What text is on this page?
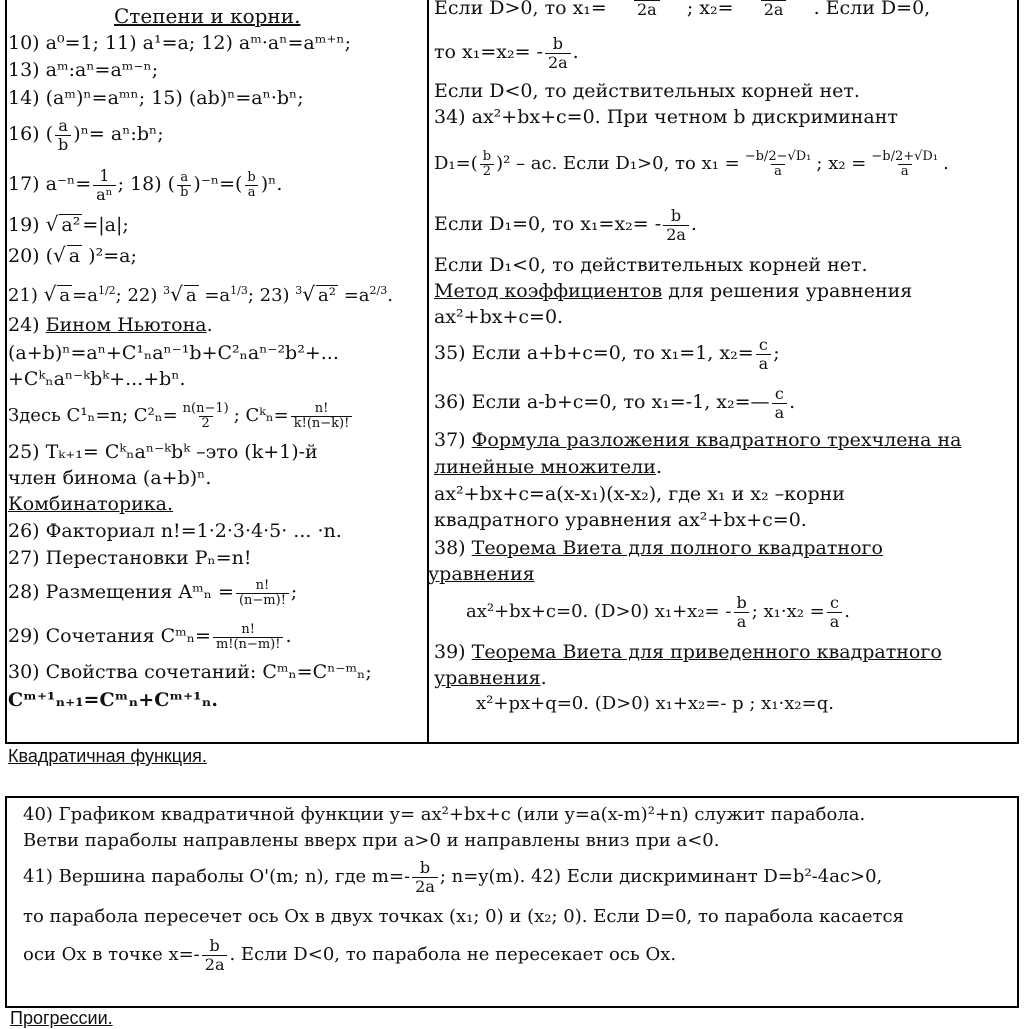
Степени и корни.
10) a⁰=1; 11) a¹=a; 12) aᵐ·aⁿ=aᵐ⁺ⁿ;
13) aᵐ:aⁿ=aᵐ⁻ⁿ;
14) (aᵐ)ⁿ=aᵐⁿ; 15) (ab)ⁿ=aⁿ·bⁿ;
16) ( $\frac{a}{b} )^n=$ aⁿ:bⁿ;
17) $a^{-n}= \frac{1}{\text{aⁿ}}$ ; 18) ( $\frac{a}{b} )^{-n}=( \frac{b}{a} )^n$.
19) √ a² =|a|;
20) (√ a )²=a;
21) √ $a =a^{1/2}$; 22) $^3$√ $a =a^{1/3}$; 23) $^3$√ $a^2 =a^{2/3}$.
24) Бином Ньютона.
(a+b)ⁿ=aⁿ+C¹ₙaⁿ⁻¹b+C²ₙaⁿ⁻²b²+...
+Cᵏₙaⁿ⁻ᵏbᵏ+...+bⁿ.
Здесь C¹ₙ=n; $C^2_n= \frac{n(n-1)}{2}$ ; Cᵏₙ= $\frac{n!}{k!(n-k)!}$
25) Tₖ₊₁= Cᵏₙaⁿ⁻ᵏbᵏ –это (k+1)-й
член бинома (a+b)ⁿ.
Комбинаторика.
26) Факториал n!=1·2·3·4·5· ... ·n.
27) Перестановки Pₙ=n!
28) Размещения Aᵐₙ = $\frac{n!}{(n-m)!}$ ;
29) Сочетания Cᵐₙ= $\frac{n!}{m!(n-m)!}$ .
30) Свойства сочетаний: Cᵐₙ=Cⁿ⁻ᵐₙ;
Cᵐ⁺¹ₙ₊₁=Cᵐₙ+Cᵐ⁺¹ₙ.
Если D>0, то x₁= 2a ; x₂= 2a . Если D=0,
то $x_1=x_2= - \frac{b}{2a}$ .
Если D<0, то действительных корней нет.
34) ax²+bx+c=0. При четном b дискриминант
$D_1=( \frac{b}{2} )^2$ – ac. Если D₁>0, то $x_1 = \frac{\text{−b/2−√D₁}}{a}$ ; $x_2 = \frac{\text{−b/2+√D₁}}{a}$ .
Если D₁=0, то $x_1=x_2= - \frac{b}{2a}$ .
Если D₁<0, то действительных корней нет.
Метод коэффициентов для решения уравнения
ax²+bx+c=0.
35) Если a+b+c=0, то x₁=1, $x_2= \frac{c}{a}$ ;
36) Если a-b+c=0, то x₁=-1, x₂=— $\frac{c}{a}$ .
37) Формула разложения квадратного трехчлена на
линейные множители.
ax²+bx+c=a(x-x₁)(x-x₂), где x₁ и x₂ –корни
квадратного уравнения ax²+bx+c=0.
38) Теорема Виета для полного квадратного
уравнения
ax²+bx+c=0. (D>0) $x_1+x_2= - \frac{b}{a}$ ; $x_1\cdot x_2 = \frac{c}{a}$ .
39) Теорема Виета для приведенного квадратного
уравнения.
x²+px+q=0. (D>0) x₁+x₂=- p ; x₁·x₂=q.
Квадратичная функция.
40) Графиком квадратичной функции y= ax²+bx+c (или y=a(x-m)²+n) служит парабола.
Ветви параболы направлены вверх при a>0 и направлены вниз при a<0.
41) Вершина параболы O'(m; n), где $m=- \frac{b}{2a}$ ; n=y(m). 42) Если дискриминант D=b²-4ac>0,
то парабола пересечет ось Ox в двух точках (x₁; 0) и (x₂; 0). Если D=0, то парабола касается
оси Ox в точке $x=- \frac{b}{2a}$ . Если D<0, то парабола не пересекает ось Ox.
Прогрессии.
